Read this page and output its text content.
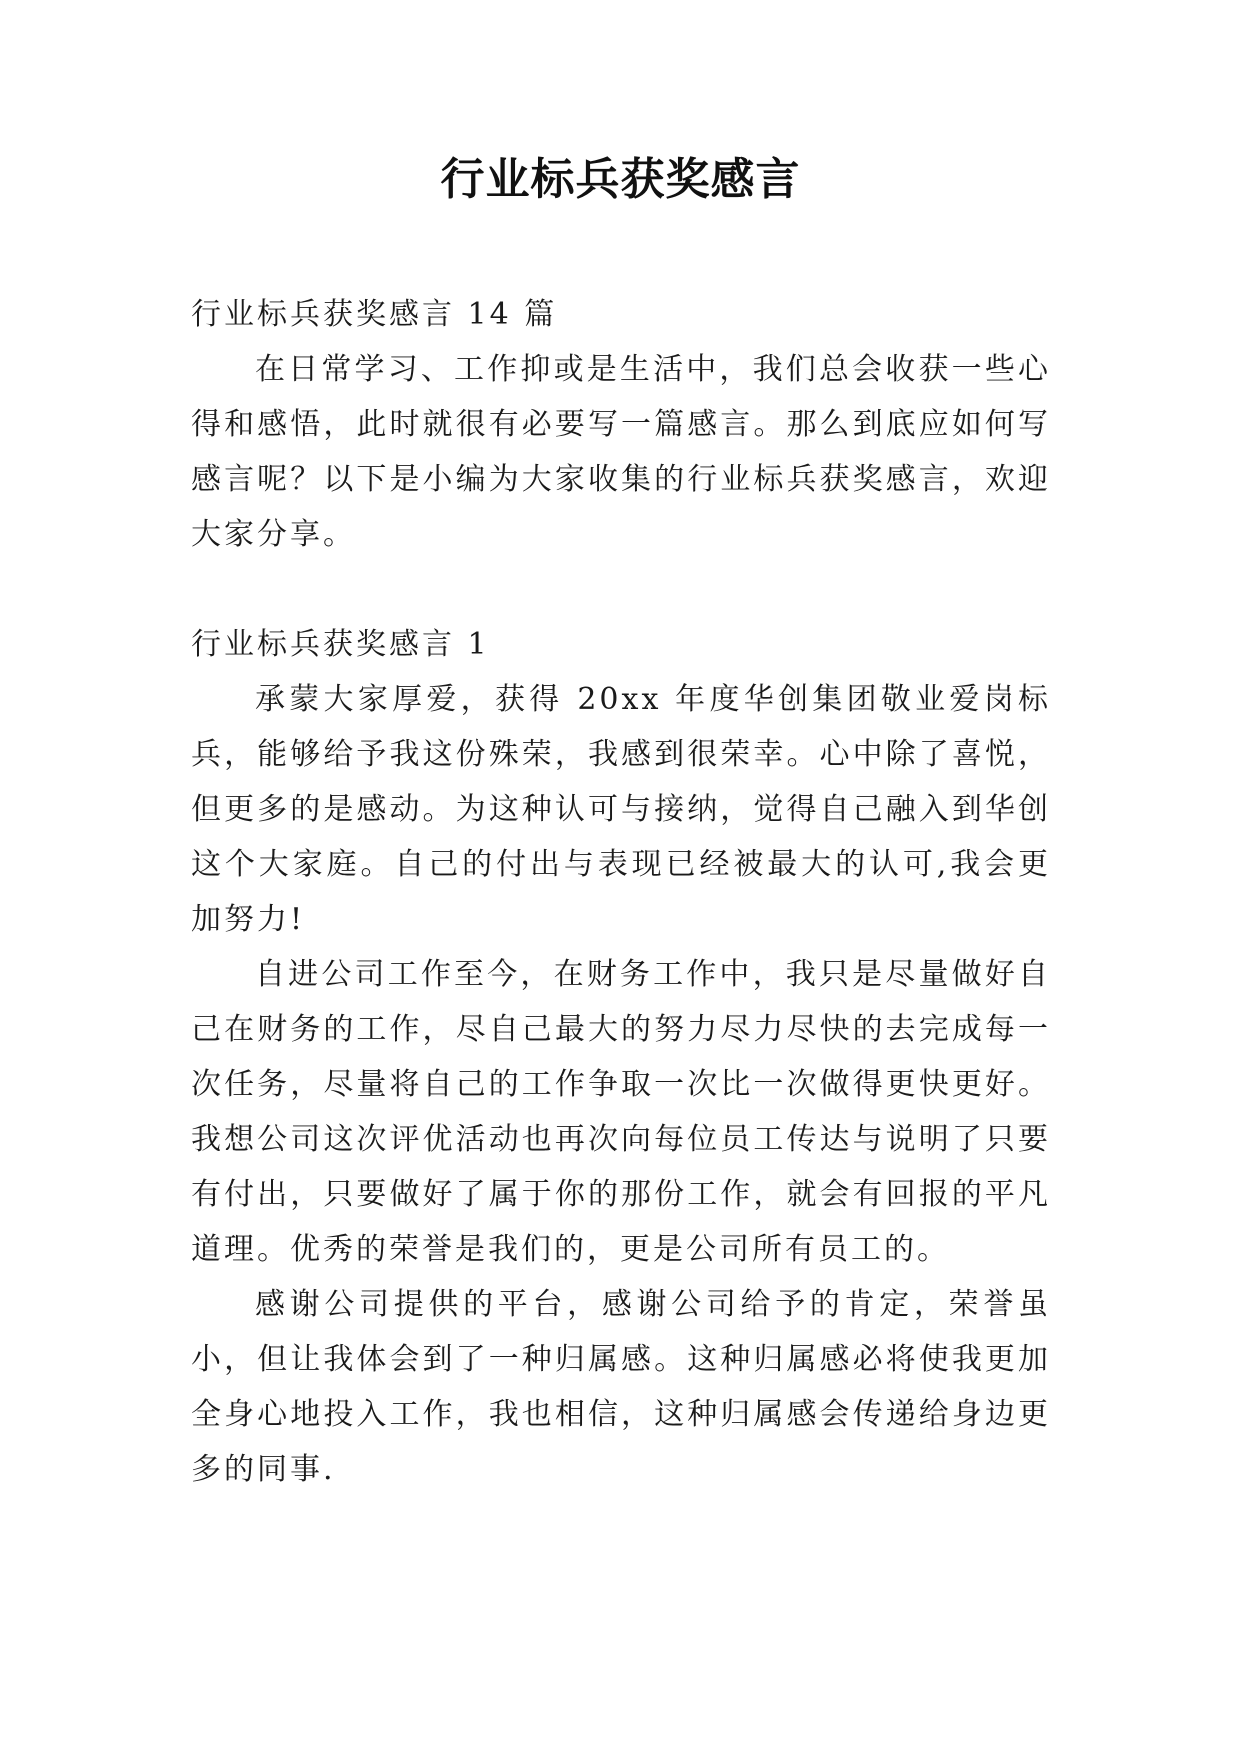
行业标兵获奖感言

行业标兵获奖感言 14 篇

在日常学习、工作抑或是生活中，我们总会收获一些心得和感悟，此时就很有必要写一篇感言。那么到底应如何写感言呢？以下是小编为大家收集的行业标兵获奖感言，欢迎大家分享。

行业标兵获奖感言 1

承蒙大家厚爱，获得 20xx 年度华创集团敬业爱岗标兵，能够给予我这份殊荣，我感到很荣幸。心中除了喜悦，但更多的是感动。为这种认可与接纳，觉得自己融入到华创这个大家庭。自己的付出与表现已经被最大的认可,我会更加努力!

自进公司工作至今，在财务工作中，我只是尽量做好自己在财务的工作，尽自己最大的努力尽力尽快的去完成每一次任务，尽量将自己的工作争取一次比一次做得更快更好。我想公司这次评优活动也再次向每位员工传达与说明了只要有付出，只要做好了属于你的那份工作，就会有回报的平凡道理。优秀的荣誉是我们的，更是公司所有员工的。

感谢公司提供的平台，感谢公司给予的肯定，荣誉虽小，但让我体会到了一种归属感。这种归属感必将使我更加全身心地投入工作，我也相信，这种归属感会传递给身边更多的同事.
